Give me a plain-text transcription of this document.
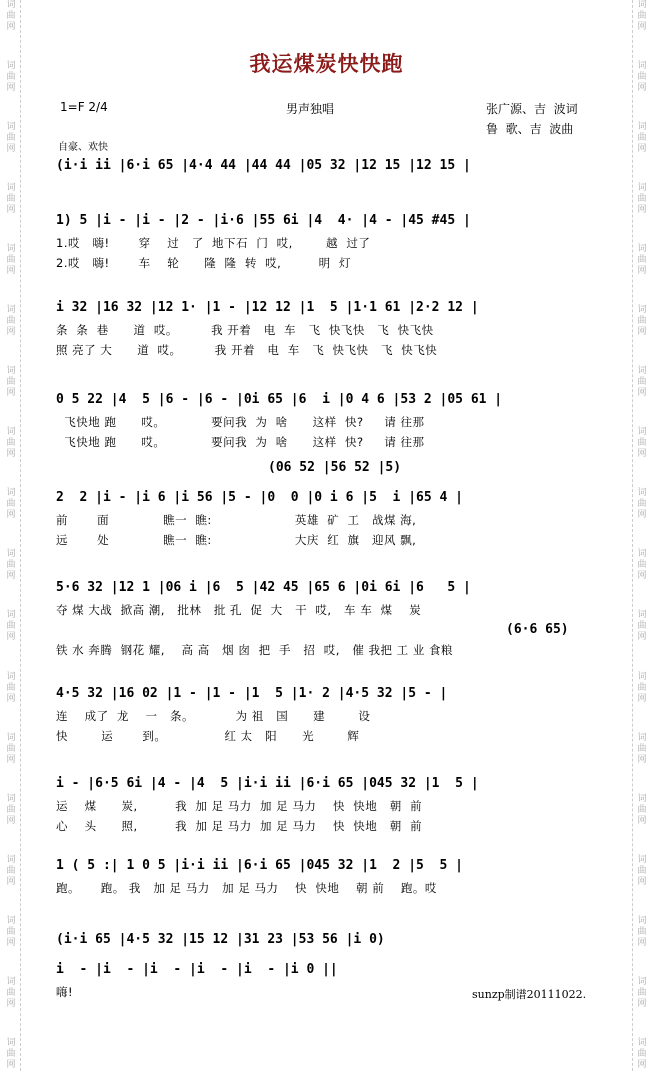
词
曲
网
词
曲
网
词
曲
网
词
曲
网
词
曲
网
词
曲
网
词
曲
网
词
曲
网
词
曲
网
词
曲
网
词
曲
网
词
曲
网
词
曲
网
词
曲
网
词
曲
网
词
曲
网
词
曲
网
词
曲
网
词
曲
网
词
曲
网
词
曲
网
词
曲
网
词
曲
网
词
曲
网
词
曲
网
词
曲
网
词
曲
网
词
曲
网
词
曲
网
词
曲
网
词
曲
网
词
曲
网
词
曲
网
词
曲
网
词
曲
网
词
曲
网
我运煤炭快快跑
1=F 2/4	男声独唱	张广源、吉  波词
鲁  歌、吉  波曲
自豪、欢快
(i·i ii |6·i 65 |4·4 44 |44 44 |05 32 |12 15 |12 15 |
1) 5 |i - |i - |2 - |i·6 |55 6i |4  4· |4 - |45 #45 |
1.哎   嗨!       穿    过   了  地下石  门  哎,        越  过了
2.哎   嗨!       车    轮      隆  隆  转  哎,         明  灯
i 32 |16 32 |12 1· |1 - |12 12 |1  5 |1·1 61 |2·2 12 |
条  条  巷      道  哎。        我 开着   电  车   飞  快飞快   飞  快飞快
照 亮了 大      道  哎。        我 开着   电  车   飞  快飞快   飞  快飞快
0 5 22 |4  5 |6 - |6 - |0i 65 |6  i |0 4 6 |53 2 |05 61 |
飞快地 跑      哎。           要问我  为  啥      这样  快?     请 往那
飞快地 跑      哎。           要问我  为  啥      这样  快?     请 往那
(06 52 |56 52 |5)
2  2 |i - |i 6 |i 56 |5 - |0  0 |0 i 6 |5  i |65 4 |
前       面             瞧一  瞧:                    英雄  矿  工   战煤 海,
远       处             瞧一  瞧:                    大庆  红  旗   迎风 飘,
5·6 32 |12 1 |06 i |6  5 |42 45 |65 6 |0i 6i |6   5 |
夺 煤 大战  掀高 潮,   批林   批 孔  促  大   干  哎,   车 车  煤    炭
(6·6 65)
铁 水 奔腾  钢花 耀,    高 高   烟 囱  把  手   招  哎,   催 我把 工 业 食粮
4·5 32 |16 02 |1 - |1 - |1  5 |1· 2 |4·5 32 |5 - |
连    成了  龙    一   条。          为 祖   国      建        设
快        运       到。              红 太   阳      光        辉
i - |6·5 6i |4 - |4  5 |i·i ii |6·i 65 |045 32 |1  5 |
运    煤      炭,         我  加 足 马力  加 足 马力    快  快地   朝  前
心    头      照,         我  加 足 马力  加 足 马力    快  快地   朝  前
1 ( 5 :| 1 0 5 |i·i ii |6·i 65 |045 32 |1  2 |5  5 |
跑。     跑。 我   加 足 马力   加 足 马力    快  快地    朝 前    跑。哎
(i·i 65 |4·5 32 |15 12 |31 23 |53 56 |i 0)
i  - |i  - |i  - |i  - |i  - |i 0 ||
嗨!	sunzp制谱20111022.
